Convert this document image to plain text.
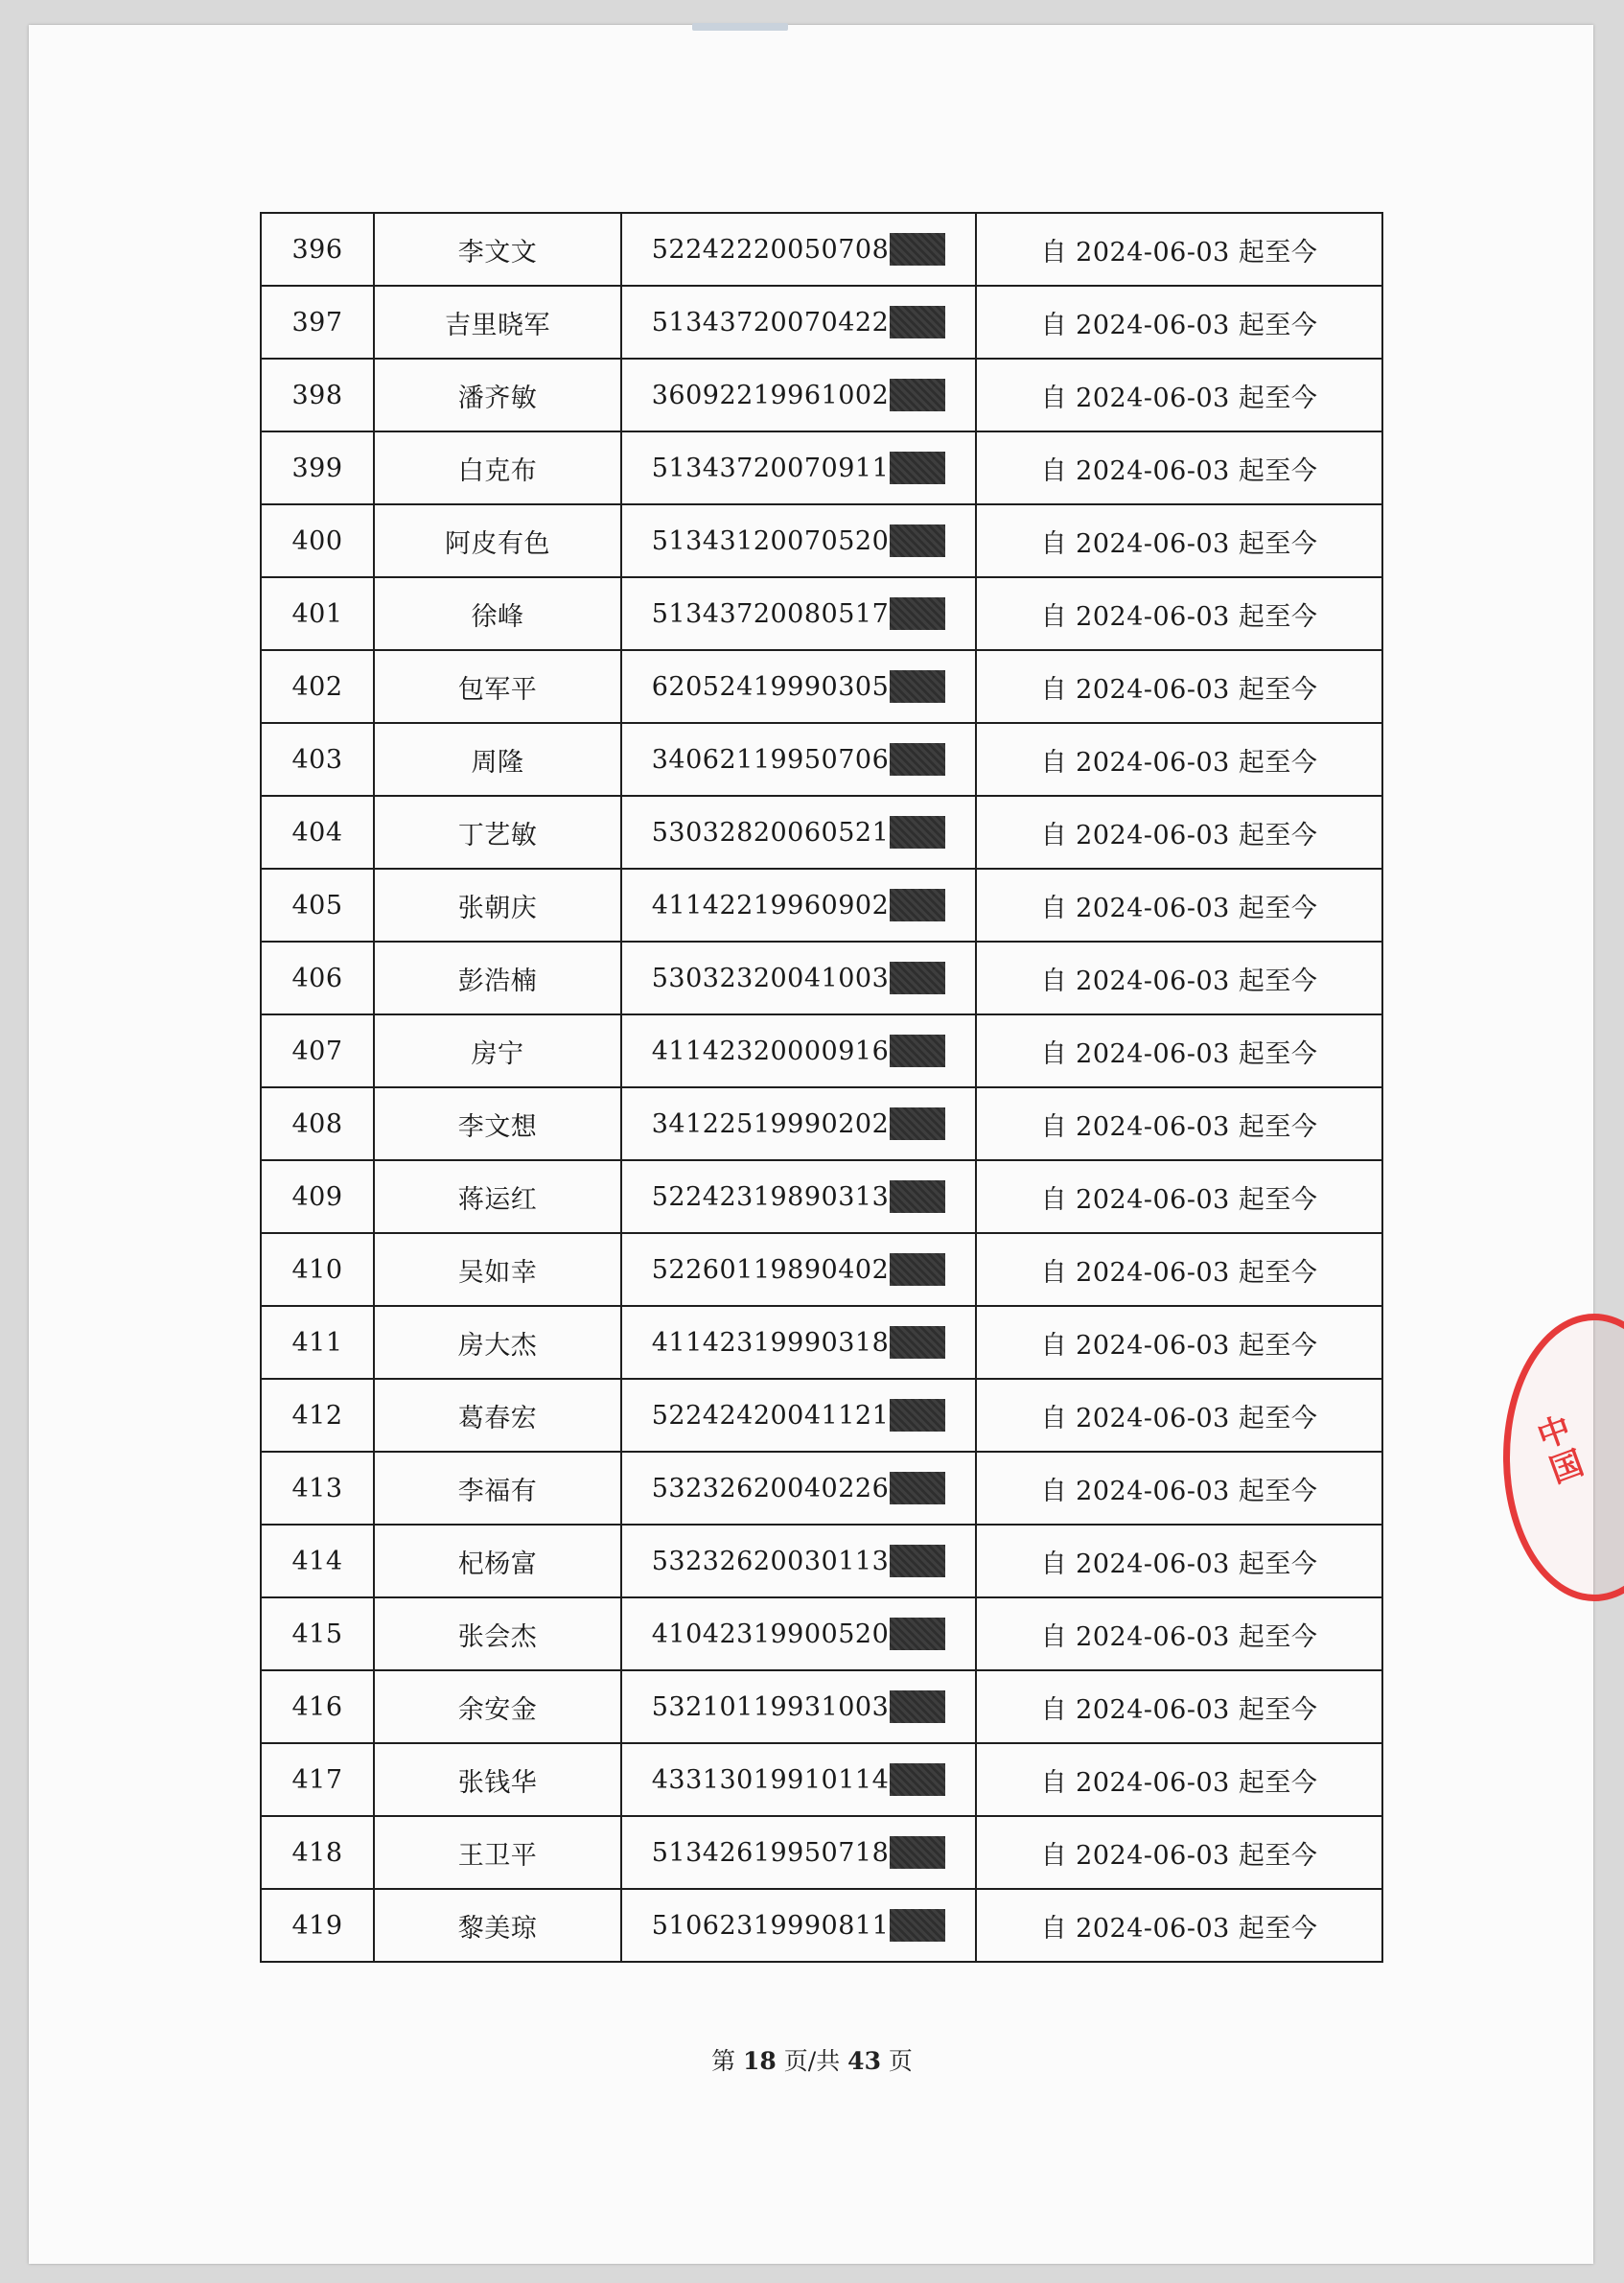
396	李文文	52242220050708	自 2024-06-03 起至今
397	吉里晓军	51343720070422	自 2024-06-03 起至今
398	潘齐敏	36092219961002	自 2024-06-03 起至今
399	白克布	51343720070911	自 2024-06-03 起至今
400	阿皮有色	51343120070520	自 2024-06-03 起至今
401	徐峰	51343720080517	自 2024-06-03 起至今
402	包军平	62052419990305	自 2024-06-03 起至今
403	周隆	34062119950706	自 2024-06-03 起至今
404	丁艺敏	53032820060521	自 2024-06-03 起至今
405	张朝庆	41142219960902	自 2024-06-03 起至今
406	彭浩楠	53032320041003	自 2024-06-03 起至今
407	房宁	41142320000916	自 2024-06-03 起至今
408	李文想	34122519990202	自 2024-06-03 起至今
409	蒋运红	52242319890313	自 2024-06-03 起至今
410	吴如幸	52260119890402	自 2024-06-03 起至今
411	房大杰	41142319990318	自 2024-06-03 起至今
412	葛春宏	52242420041121	自 2024-06-03 起至今
413	李福有	53232620040226	自 2024-06-03 起至今
414	杞杨富	53232620030113	自 2024-06-03 起至今
415	张会杰	41042319900520	自 2024-06-03 起至今
416	余安金	53210119931003	自 2024-06-03 起至今
417	张钱华	43313019910114	自 2024-06-03 起至今
418	王卫平	51342619950718	自 2024-06-03 起至今
419	黎美琼	51062319990811	自 2024-06-03 起至今
第 18 页/共 43 页
中国
